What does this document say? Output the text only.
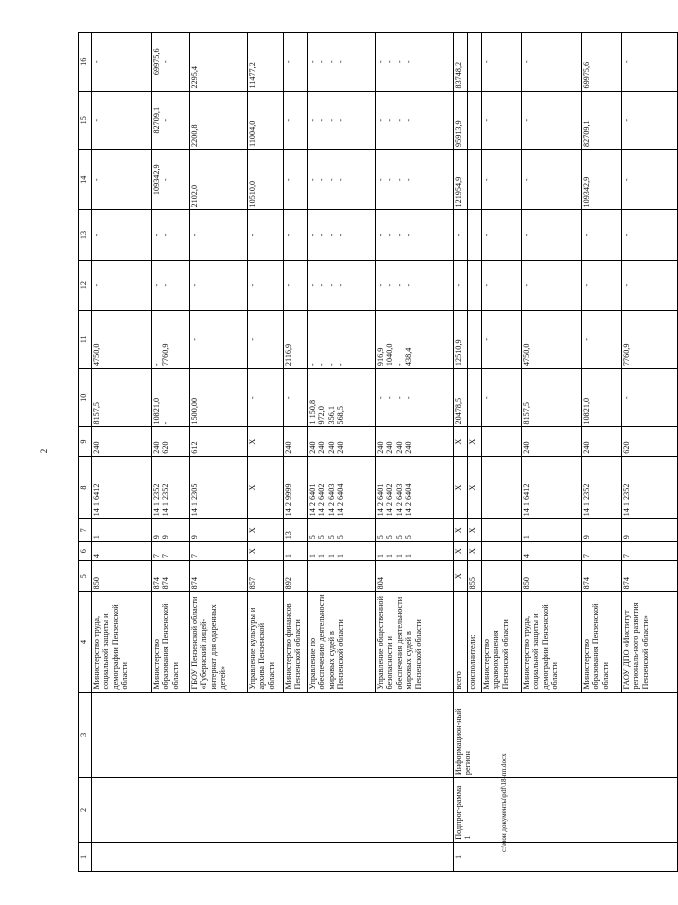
2
1	2	3	4	5	6	7	8	9	10	11	12	13	14	15	16
			Министерство труда, социальной защиты и демографии Пензенской области	850	4	1	14 1 6412	240	8157,5	4750,0	-	-	-	-	-
			Министерство образования Пензенской области	874 874	7 7	9 9	14 1 2352 14 1 2352	240 620	10821,0 -	- 7760,9	- -	- -	109342,9 -	82709,1 -	69975,6 -

			ГБОУ Пензенской области «Губернский лицей-интернат для одаренных детей»	874	7	9	14 1 2305	612	1500,00	-	-	-	2102,0	2200,8	2295,4
			Управление культуры и архива Пензенской области	857	X	X	X	X	-	-	-	-	10510,0	11004,0	11477,2
			Министерство финансов Пензенской области	892	1	13	14 2 9999	240	-	2116,9	-	-	-	-	-
			Управление по обеспечению деятельности мировых судей в Пензенской области		1 1 1 1	5 5 5 5	14 2 6401 14 2 6402 14 2 6403 14 2 6404	240 240 240 240	1 150,8 972,0 356,1 568,5	- - - -	- - - -	- - - -	- - - -	- - - -	- - - -

			Управление общественной безопасности и обеспечения деятельности мировых судей в Пензенской области	804	1 1 1 1	5 5 5 5	14 2 6401 14 2 6402 14 2 6403 14 2 6404	240 240 240 240	- - - -	916,9 1040,0 - 438,4	- - - -	- - - -	- - - -	- - - -	- - - -

1	Подпрог-рамма 1	Информацион-ный регион	всего	X	X	X	X	X	20478,5	12510,9	-	-	121954,9	95913,9	83748,2
			соисполнители:	855	X	X	X	X							
			Министерство здравоохранения Пензенской области						-	-	-	-	-	-	-
			Министерство труда, социальной защиты и демографии Пензенской области	850	4	1	14 1 6412	240	8157,5	4750,0	-	-	-	-	-
			Министерство образования Пензенской области	874	7	9	14 1 2352	240	10821,0	-	-	-	109342,9	82709,1	69975,6
			ГАОУ ДПО «Институт региональ-ного развития Пензенской области»	874	7	9	14 1 2352	620	-	7760,9	-	-	-	-	-
c:\мои документы\pdf\18-пп.docx
